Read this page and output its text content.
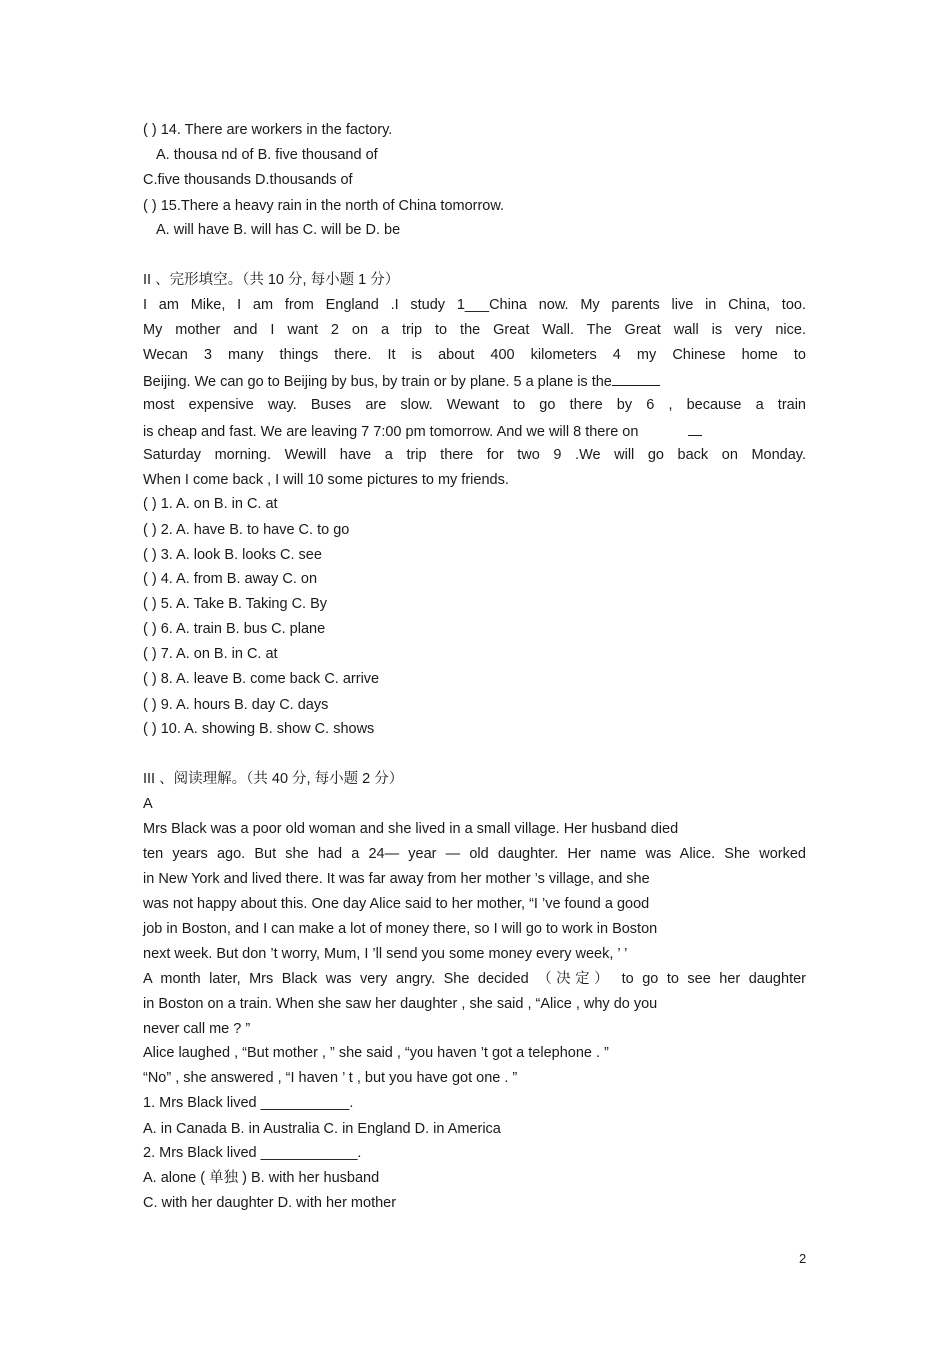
( ) 14. There are workers in the factory.
A. thousa nd of B. five thousand of
C.five thousands D.thousands of
( ) 15.There a heavy rain in the north of China tomorrow.
A. will have B. will has C. will be D. be
II 、完形填空。（共 10 分, 每小题 1 分）
I am Mike, I am from England .I study 1___China now. My parents live in China, too.
My mother and I want 2 on a trip to the Great Wall. The Great wall is very nice.
Wecan 3 many things there. It is about 400 kilometers 4 my Chinese home to
Beijing. We can go to Beijing by bus, by train or by plane. 5 a plane is the
most expensive way. Buses are slow. Wewant to go there by 6 , because a train
is cheap and fast. We are leaving 7 7:00 pm tomorrow. And we will 8 there on
Saturday morning. Wewill have a trip there for two 9 .We will go back on Monday.
When I come back , I will 10 some pictures to my friends.
( ) 1. A. on B. in C. at
( ) 2. A. have B. to have C. to go
( ) 3. A. look B. looks C. see
( ) 4. A. from B. away C. on
( ) 5. A. Take B. Taking C. By
( ) 6. A. train B. bus C. plane
( ) 7. A. on B. in C. at
( ) 8. A. leave B. come back C. arrive
( ) 9. A. hours B. day C. days
( ) 10. A. showing B. show C. shows
III 、阅读理解。（共 40 分, 每小题 2 分）
A
Mrs Black was a poor old woman and she lived in a small village. Her husband died
ten years ago. But she had a 24— year — old daughter. Her name was Alice. She worked
in New York and lived there. It was far away from her mother ’s village, and she
was not happy about this. One day Alice said to her mother, “I ’ve found a good
job in Boston, and I can make a lot of money there, so I will go to work in Boston
next week. But don ’t worry, Mum, I ’ll send you some money every week, ’ ’
A month later, Mrs Black was very angry. She decided （决定） to go to see her daughter
in Boston on a train. When she saw her daughter , she said , “Alice , why do you
never call me ? ”
Alice laughed , “But mother , ” she said , “you haven ’t got a telephone . ”
“No” , she answered , “I haven ’ t , but you have got one . ”
1. Mrs Black lived ___________.
A. in Canada B. in Australia C. in England D. in America
2. Mrs Black lived ____________.
A. alone ( 单独 ) B. with her husband
C. with her daughter D. with her mother
2
